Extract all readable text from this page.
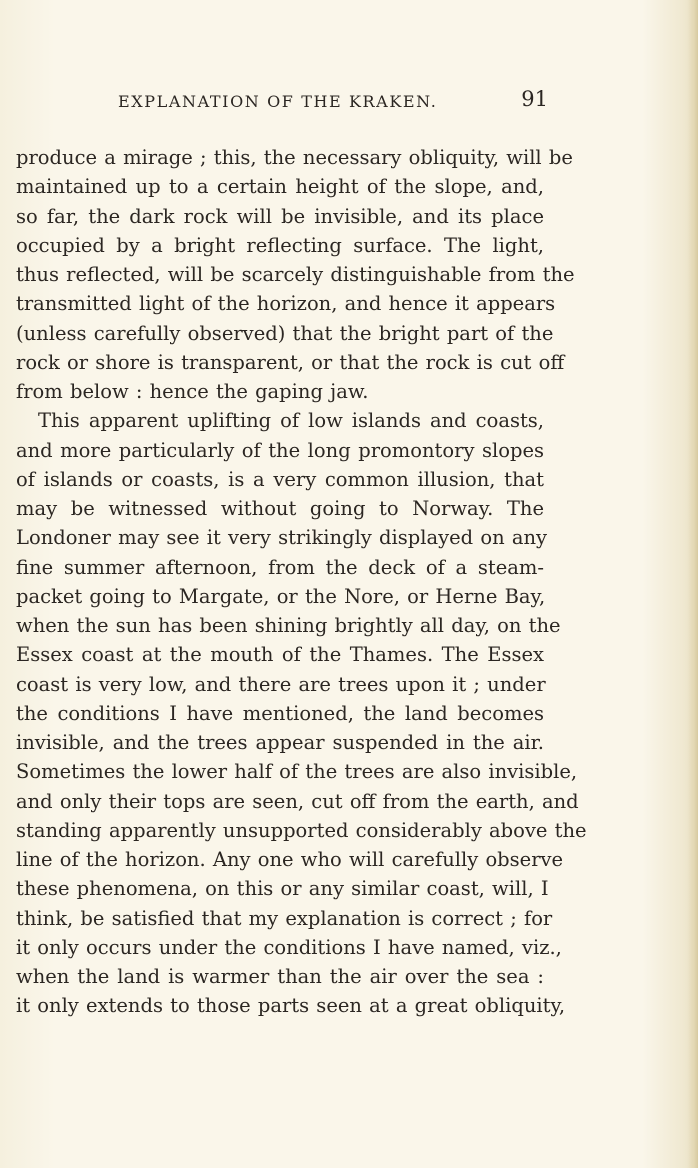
EXPLANATION OF THE KRAKEN.	91
produce a mirage ; this, the necessary obliquity, will be
maintained up to a certain height of the slope, and,
so far, the dark rock will be invisible, and its place
occupied by a bright reflecting surface. The light,
thus reflected, will be scarcely distinguishable from the
transmitted light of the horizon, and hence it appears
(unless carefully observed) that the bright part of the
rock or shore is transparent, or that the rock is cut off
from below : hence the gaping jaw.
This apparent uplifting of low islands and coasts,
and more particularly of the long promontory slopes
of islands or coasts, is a very common illusion, that
may be witnessed without going to Norway. The
Londoner may see it very strikingly displayed on any
fine summer afternoon, from the deck of a steam-
packet going to Margate, or the Nore, or Herne Bay,
when the sun has been shining brightly all day, on the
Essex coast at the mouth of the Thames. The Essex
coast is very low, and there are trees upon it ; under
the conditions I have mentioned, the land becomes
invisible, and the trees appear suspended in the air.
Sometimes the lower half of the trees are also invisible,
and only their tops are seen, cut off from the earth, and
standing apparently unsupported considerably above the
line of the horizon. Any one who will carefully observe
these phenomena, on this or any similar coast, will, I
think, be satisfied that my explanation is correct ; for
it only occurs under the conditions I have named, viz.,
when the land is warmer than the air over the sea :
it only extends to those parts seen at a great obliquity,
